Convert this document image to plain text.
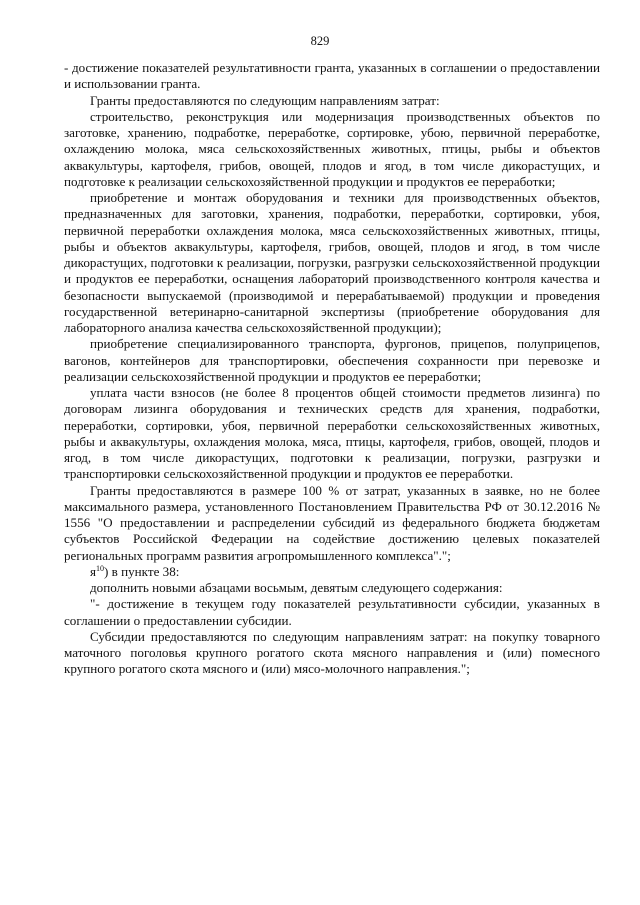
829

- достижение показателей результативности гранта, указанных в соглашении о предоставлении и использовании гранта.

Гранты предоставляются по следующим направлениям затрат:

строительство, реконструкция или модернизация производственных объектов по заготовке, хранению, подработке, переработке, сортировке, убою, первичной переработке, охлаждению молока, мяса сельскохозяйственных животных, птицы, рыбы и объектов аквакультуры, картофеля, грибов, овощей, плодов и ягод, в том числе дикорастущих, и подготовке к реализации сельскохозяйственной продукции и продуктов ее переработки;

приобретение и монтаж оборудования и техники для производственных объектов, предназначенных для заготовки, хранения, подработки, переработки, сортировки, убоя, первичной переработки охлаждения молока, мяса сельскохозяйственных животных, птицы, рыбы и объектов аквакультуры, картофеля, грибов, овощей, плодов и ягод, в том числе дикорастущих, подготовки к реализации, погрузки, разгрузки сельскохозяйственной продукции и продуктов ее переработки, оснащения лабораторий производственного контроля качества и безопасности выпускаемой (производимой и перерабатываемой) продукции и проведения государственной ветеринарно-санитарной экспертизы (приобретение оборудования для лабораторного анализа качества сельскохозяйственной продукции);

приобретение специализированного транспорта, фургонов, прицепов, полуприцепов, вагонов, контейнеров для транспортировки, обеспечения сохранности при перевозке и реализации сельскохозяйственной продукции и продуктов ее переработки;

уплата части взносов (не более 8 процентов общей стоимости предметов лизинга) по договорам лизинга оборудования и технических средств для хранения, подработки, переработки, сортировки, убоя, первичной переработки сельскохозяйственных животных, рыбы и аквакультуры, охлаждения молока, мяса, птицы, картофеля, грибов, овощей, плодов и ягод, в том числе дикорастущих, подготовки к реализации, погрузки, разгрузки и транспортировки сельскохозяйственной продукции и продуктов ее переработки.

Гранты предоставляются в размере 100 % от затрат, указанных в заявке, но не более максимального размера, установленного Постановлением Правительства РФ от 30.12.2016 № 1556 "О предоставлении и распределении субсидий из федерального бюджета бюджетам субъектов Российской Федерации на содействие достижению целевых показателей региональных программ развития агропромышленного комплекса".";

$я^{10}$) в пункте 38:

дополнить новыми абзацами восьмым, девятым следующего содержания:

"- достижение в текущем году показателей результативности субсидии, указанных в соглашении о предоставлении субсидии.

Субсидии предоставляются по следующим направлениям затрат: на покупку товарного маточного поголовья крупного рогатого скота мясного направления и (или) помесного крупного рогатого скота мясного и (или) мясо-молочного направления.";
